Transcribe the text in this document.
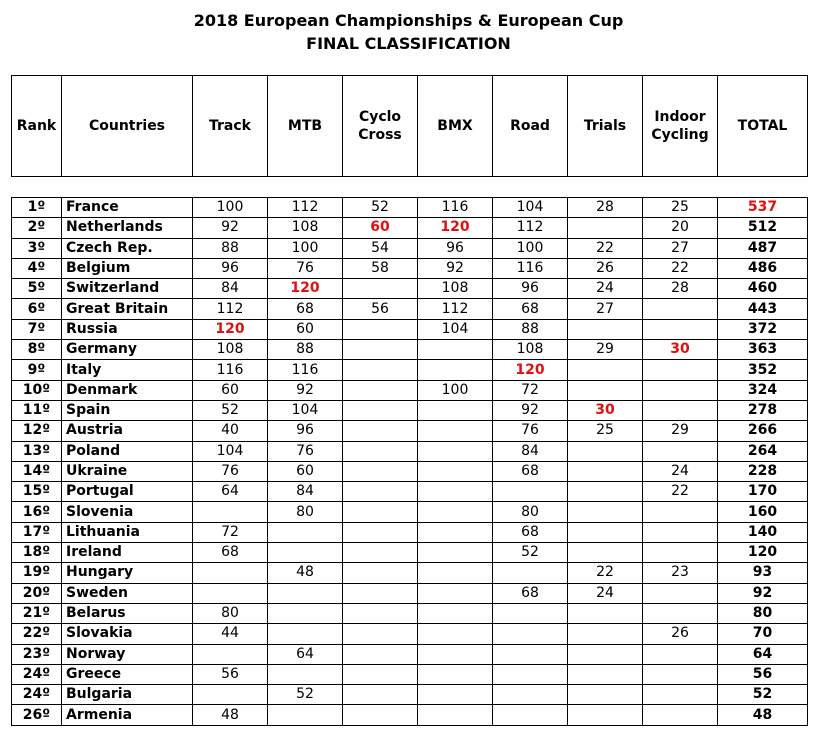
2018 European Championships & European Cup
FINAL CLASSIFICATION
Rank	Countries	Track	MTB	Cyclo Cross	BMX	Road	Trials	Indoor Cycling	TOTAL
1º	France	100	112	52	116	104	28	25	537
2º	Netherlands	92	108	60	120	112		20	512
3º	Czech Rep.	88	100	54	96	100	22	27	487
4º	Belgium	96	76	58	92	116	26	22	486
5º	Switzerland	84	120		108	96	24	28	460
6º	Great Britain	112	68	56	112	68	27		443
7º	Russia	120	60		104	88			372
8º	Germany	108	88			108	29	30	363
9º	Italy	116	116			120			352
10º	Denmark	60	92		100	72			324
11º	Spain	52	104			92	30		278
12º	Austria	40	96			76	25	29	266
13º	Poland	104	76			84			264
14º	Ukraine	76	60			68		24	228
15º	Portugal	64	84					22	170
16º	Slovenia		80			80			160
17º	Lithuania	72				68			140
18º	Ireland	68				52			120
19º	Hungary		48				22	23	93
20º	Sweden					68	24		92
21º	Belarus	80							80
22º	Slovakia	44						26	70
23º	Norway		64						64
24º	Greece	56							56
24º	Bulgaria		52						52
26º	Armenia	48							48
